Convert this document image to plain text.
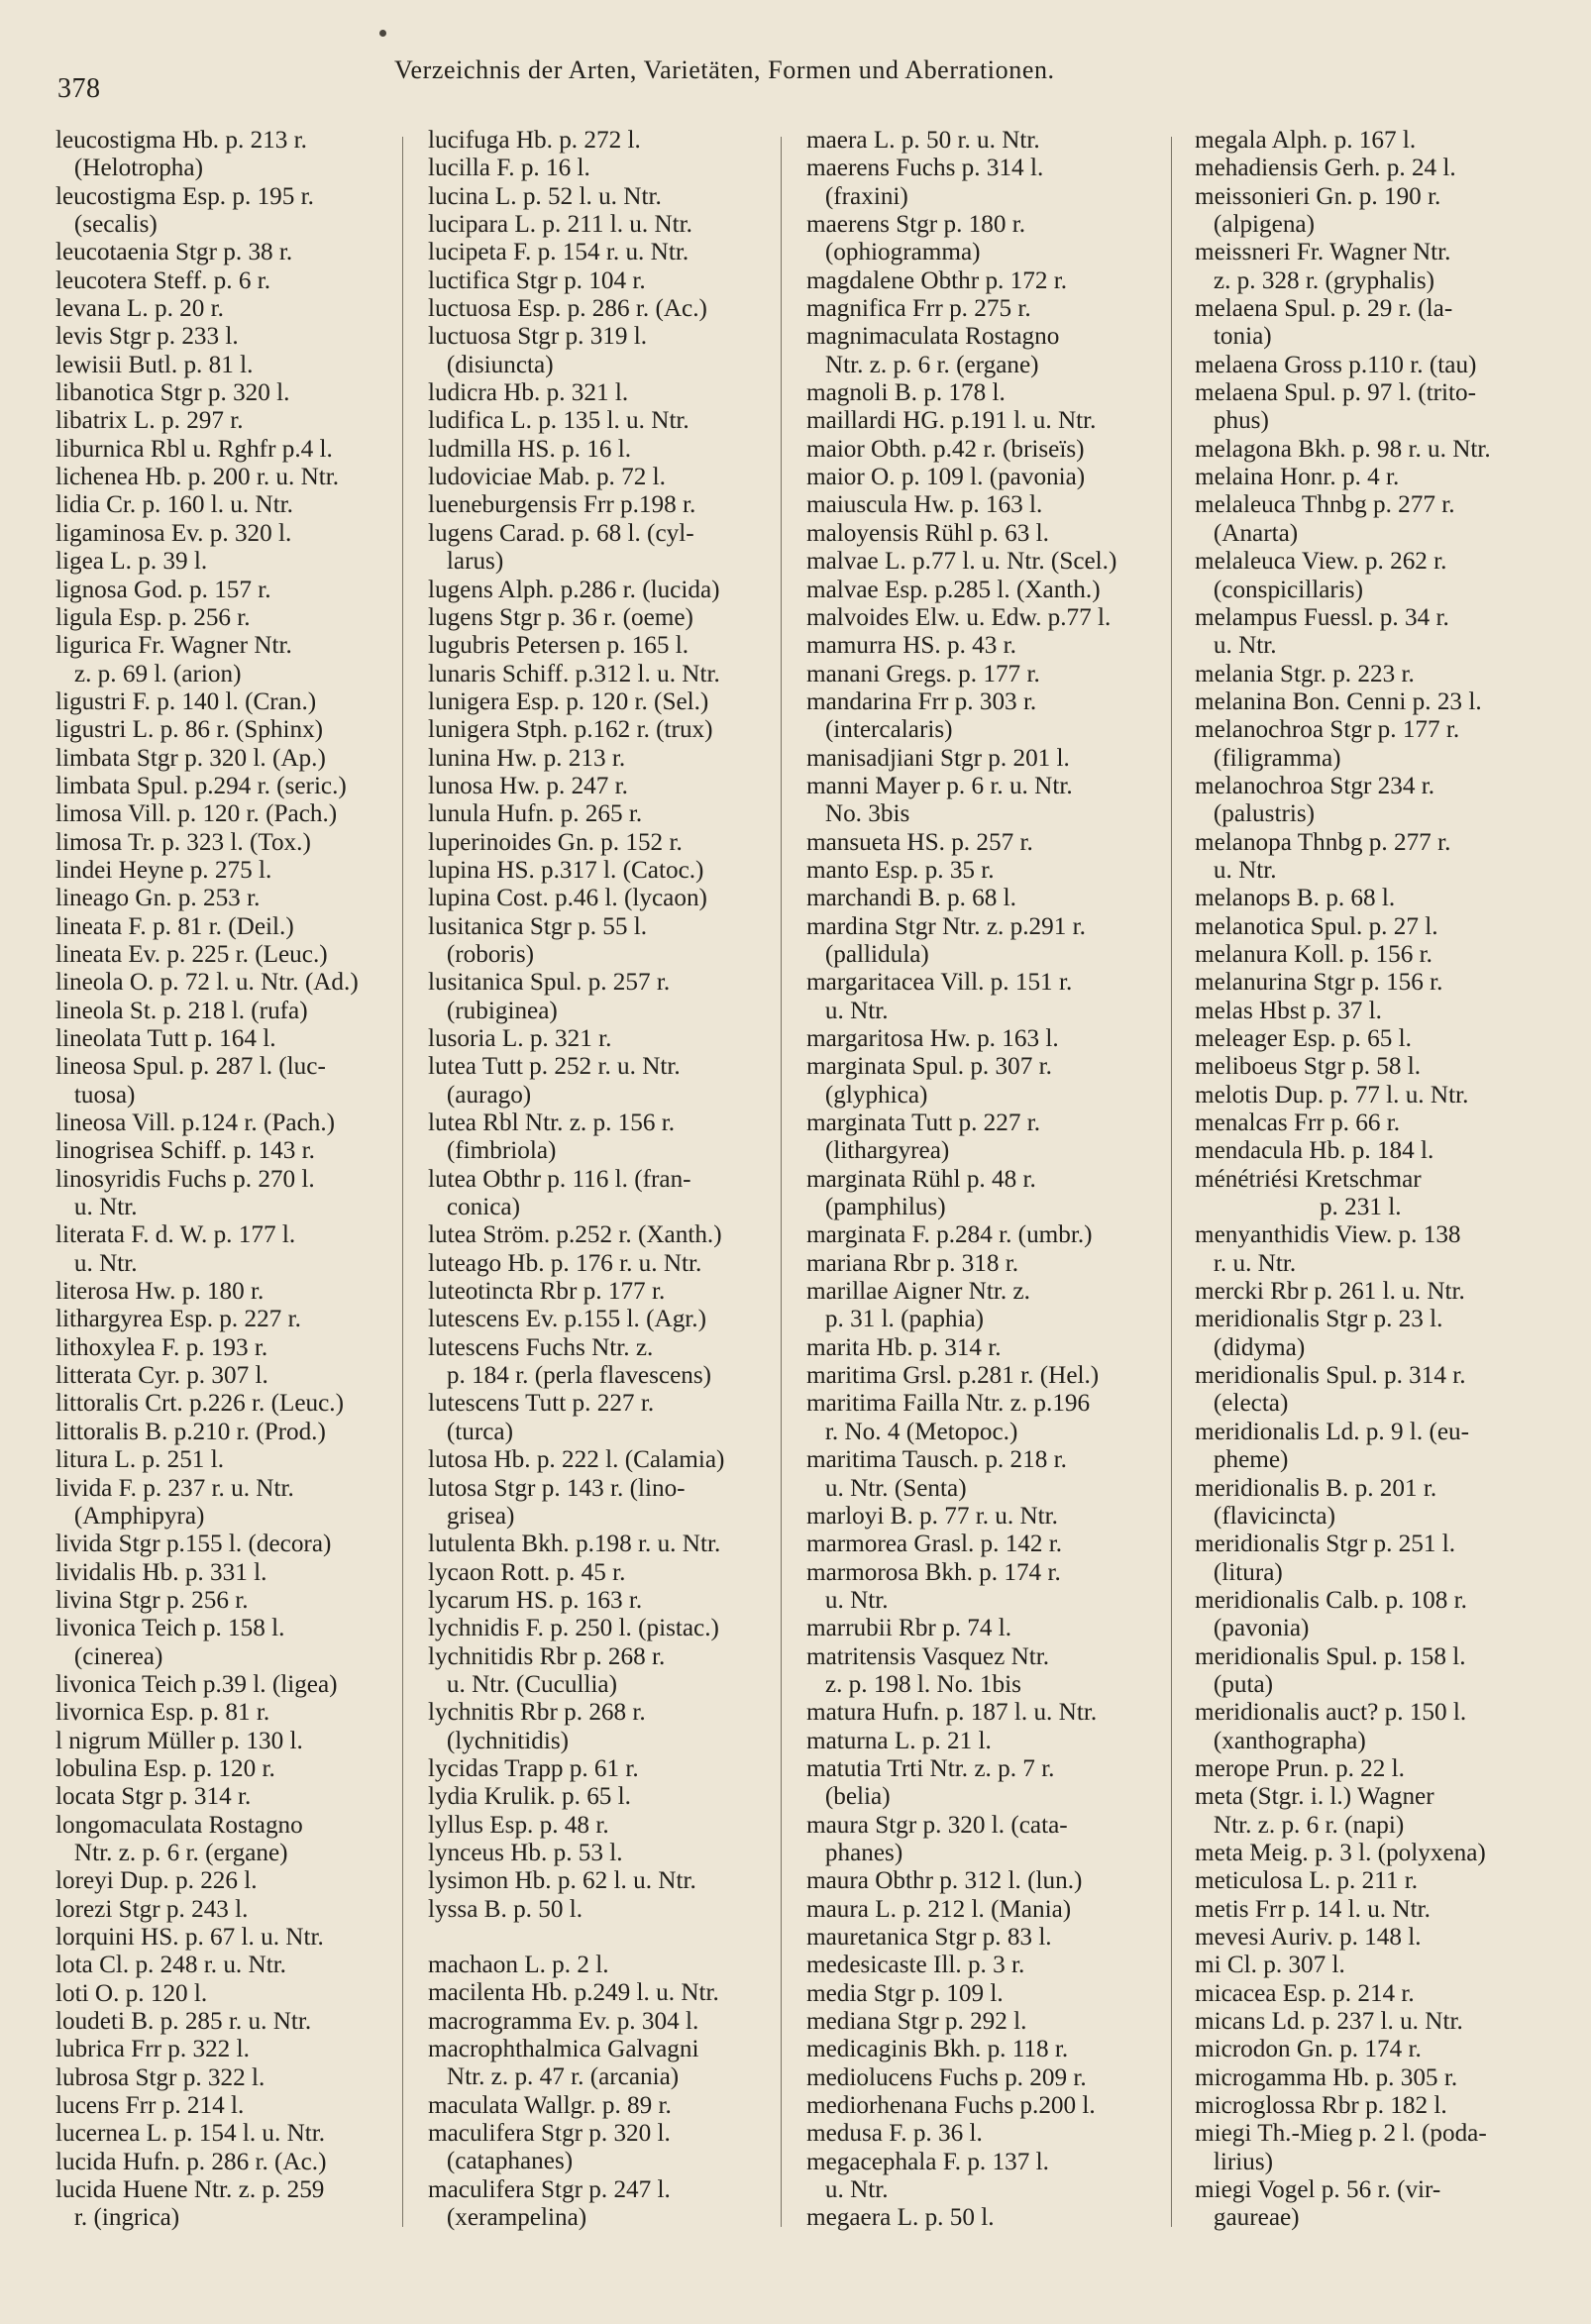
378
Verzeichnis der Arten, Varietäten, Formen und Aberrationen.
leucostigma Hb. p. 213 r.
(Helotropha)
leucostigma Esp. p. 195 r.
(secalis)
leucotaenia Stgr p. 38 r.
leucotera Steff. p. 6 r.
levana L. p. 20 r.
levis Stgr p. 233 l.
lewisii Butl. p. 81 l.
libanotica Stgr p. 320 l.
libatrix L. p. 297 r.
liburnica Rbl u. Rghfr p.4 l.
lichenea Hb. p. 200 r. u. Ntr.
lidia Cr. p. 160 l. u. Ntr.
ligaminosa Ev. p. 320 l.
ligea L. p. 39 l.
lignosa God. p. 157 r.
ligula Esp. p. 256 r.
ligurica Fr. Wagner Ntr.
z. p. 69 l. (arion)
ligustri F. p. 140 l. (Cran.)
ligustri L. p. 86 r. (Sphinx)
limbata Stgr p. 320 l. (Ap.)
limbata Spul. p.294 r. (seric.)
limosa Vill. p. 120 r. (Pach.)
limosa Tr. p. 323 l. (Tox.)
lindei Heyne p. 275 l.
lineago Gn. p. 253 r.
lineata F. p. 81 r. (Deil.)
lineata Ev. p. 225 r. (Leuc.)
lineola O. p. 72 l. u. Ntr. (Ad.)
lineola St. p. 218 l. (rufa)
lineolata Tutt p. 164 l.
lineosa Spul. p. 287 l. (luc-
tuosa)
lineosa Vill. p.124 r. (Pach.)
linogrisea Schiff. p. 143 r.
linosyridis Fuchs p. 270 l.
u. Ntr.
literata F. d. W. p. 177 l.
u. Ntr.
literosa Hw. p. 180 r.
lithargyrea Esp. p. 227 r.
lithoxylea F. p. 193 r.
litterata Cyr. p. 307 l.
littoralis Crt. p.226 r. (Leuc.)
littoralis B. p.210 r. (Prod.)
litura L. p. 251 l.
livida F. p. 237 r. u. Ntr.
(Amphipyra)
livida Stgr p.155 l. (decora)
lividalis Hb. p. 331 l.
livina Stgr p. 256 r.
livonica Teich p. 158 l.
(cinerea)
livonica Teich p.39 l. (ligea)
livornica Esp. p. 81 r.
l nigrum Müller p. 130 l.
lobulina Esp. p. 120 r.
locata Stgr p. 314 r.
longomaculata Rostagno
Ntr. z. p. 6 r. (ergane)
loreyi Dup. p. 226 l.
lorezi Stgr p. 243 l.
lorquini HS. p. 67 l. u. Ntr.
lota Cl. p. 248 r. u. Ntr.
loti O. p. 120 l.
loudeti B. p. 285 r. u. Ntr.
lubrica Frr p. 322 l.
lubrosa Stgr p. 322 l.
lucens Frr p. 214 l.
lucernea L. p. 154 l. u. Ntr.
lucida Hufn. p. 286 r. (Ac.)
lucida Huene Ntr. z. p. 259
r. (ingrica)
lucifuga Hb. p. 272 l.
lucilla F. p. 16 l.
lucina L. p. 52 l. u. Ntr.
lucipara L. p. 211 l. u. Ntr.
lucipeta F. p. 154 r. u. Ntr.
luctifica Stgr p. 104 r.
luctuosa Esp. p. 286 r. (Ac.)
luctuosa Stgr p. 319 l.
(disiuncta)
ludicra Hb. p. 321 l.
ludifica L. p. 135 l. u. Ntr.
ludmilla HS. p. 16 l.
ludoviciae Mab. p. 72 l.
lueneburgensis Frr p.198 r.
lugens Carad. p. 68 l. (cyl-
larus)
lugens Alph. p.286 r. (lucida)
lugens Stgr p. 36 r. (oeme)
lugubris Petersen p. 165 l.
lunaris Schiff. p.312 l. u. Ntr.
lunigera Esp. p. 120 r. (Sel.)
lunigera Stph. p.162 r. (trux)
lunina Hw. p. 213 r.
lunosa Hw. p. 247 r.
lunula Hufn. p. 265 r.
luperinoides Gn. p. 152 r.
lupina HS. p.317 l. (Catoc.)
lupina Cost. p.46 l. (lycaon)
lusitanica Stgr p. 55 l.
(roboris)
lusitanica Spul. p. 257 r.
(rubiginea)
lusoria L. p. 321 r.
lutea Tutt p. 252 r. u. Ntr.
(aurago)
lutea Rbl Ntr. z. p. 156 r.
(fimbriola)
lutea Obthr p. 116 l. (fran-
conica)
lutea Ström. p.252 r. (Xanth.)
luteago Hb. p. 176 r. u. Ntr.
luteotincta Rbr p. 177 r.
lutescens Ev. p.155 l. (Agr.)
lutescens Fuchs Ntr. z.
p. 184 r. (perla flavescens)
lutescens Tutt p. 227 r.
(turca)
lutosa Hb. p. 222 l. (Calamia)
lutosa Stgr p. 143 r. (lino-
grisea)
lutulenta Bkh. p.198 r. u. Ntr.
lycaon Rott. p. 45 r.
lycarum HS. p. 163 r.
lychnidis F. p. 250 l. (pistac.)
lychnitidis Rbr p. 268 r.
u. Ntr. (Cucullia)
lychnitis Rbr p. 268 r.
(lychnitidis)
lycidas Trapp p. 61 r.
lydia Krulik. p. 65 l.
lyllus Esp. p. 48 r.
lynceus Hb. p. 53 l.
lysimon Hb. p. 62 l. u. Ntr.
lyssa B. p. 50 l.
machaon L. p. 2 l.
macilenta Hb. p.249 l. u. Ntr.
macrogramma Ev. p. 304 l.
macrophthalmica Galvagni
Ntr. z. p. 47 r. (arcania)
maculata Wallgr. p. 89 r.
maculifera Stgr p. 320 l.
(cataphanes)
maculifera Stgr p. 247 l.
(xerampelina)
maera L. p. 50 r. u. Ntr.
maerens Fuchs p. 314 l.
(fraxini)
maerens Stgr p. 180 r.
(ophiogramma)
magdalene Obthr p. 172 r.
magnifica Frr p. 275 r.
magnimaculata Rostagno
Ntr. z. p. 6 r. (ergane)
magnoli B. p. 178 l.
maillardi HG. p.191 l. u. Ntr.
maior Obth. p.42 r. (briseïs)
maior O. p. 109 l. (pavonia)
maiuscula Hw. p. 163 l.
maloyensis Rühl p. 63 l.
malvae L. p.77 l. u. Ntr. (Scel.)
malvae Esp. p.285 l. (Xanth.)
malvoides Elw. u. Edw. p.77 l.
mamurra HS. p. 43 r.
manani Gregs. p. 177 r.
mandarina Frr p. 303 r.
(intercalaris)
manisadjiani Stgr p. 201 l.
manni Mayer p. 6 r. u. Ntr.
No. 3bis
mansueta HS. p. 257 r.
manto Esp. p. 35 r.
marchandi B. p. 68 l.
mardina Stgr Ntr. z. p.291 r.
(pallidula)
margaritacea Vill. p. 151 r.
u. Ntr.
margaritosa Hw. p. 163 l.
marginata Spul. p. 307 r.
(glyphica)
marginata Tutt p. 227 r.
(lithargyrea)
marginata Rühl p. 48 r.
(pamphilus)
marginata F. p.284 r. (umbr.)
mariana Rbr p. 318 r.
marillae Aigner Ntr. z.
p. 31 l. (paphia)
marita Hb. p. 314 r.
maritima Grsl. p.281 r. (Hel.)
maritima Failla Ntr. z. p.196
r. No. 4 (Metopoc.)
maritima Tausch. p. 218 r.
u. Ntr. (Senta)
marloyi B. p. 77 r. u. Ntr.
marmorea Grasl. p. 142 r.
marmorosa Bkh. p. 174 r.
u. Ntr.
marrubii Rbr p. 74 l.
matritensis Vasquez Ntr.
z. p. 198 l. No. 1bis
matura Hufn. p. 187 l. u. Ntr.
maturna L. p. 21 l.
matutia Trti Ntr. z. p. 7 r.
(belia)
maura Stgr p. 320 l. (cata-
phanes)
maura Obthr p. 312 l. (lun.)
maura L. p. 212 l. (Mania)
mauretanica Stgr p. 83 l.
medesicaste Ill. p. 3 r.
media Stgr p. 109 l.
mediana Stgr p. 292 l.
medicaginis Bkh. p. 118 r.
mediolucens Fuchs p. 209 r.
mediorhenana Fuchs p.200 l.
medusa F. p. 36 l.
megacephala F. p. 137 l.
u. Ntr.
megaera L. p. 50 l.
megala Alph. p. 167 l.
mehadiensis Gerh. p. 24 l.
meissonieri Gn. p. 190 r.
(alpigena)
meissneri Fr. Wagner Ntr.
z. p. 328 r. (gryphalis)
melaena Spul. p. 29 r. (la-
tonia)
melaena Gross p.110 r. (tau)
melaena Spul. p. 97 l. (trito-
phus)
melagona Bkh. p. 98 r. u. Ntr.
melaina Honr. p. 4 r.
melaleuca Thnbg p. 277 r.
(Anarta)
melaleuca View. p. 262 r.
(conspicillaris)
melampus Fuessl. p. 34 r.
u. Ntr.
melania Stgr. p. 223 r.
melanina Bon. Cenni p. 23 l.
melanochroa Stgr p. 177 r.
(filigramma)
melanochroa Stgr 234 r.
(palustris)
melanopa Thnbg p. 277 r.
u. Ntr.
melanops B. p. 68 l.
melanotica Spul. p. 27 l.
melanura Koll. p. 156 r.
melanurina Stgr p. 156 r.
melas Hbst p. 37 l.
meleager Esp. p. 65 l.
meliboeus Stgr p. 58 l.
melotis Dup. p. 77 l. u. Ntr.
menalcas Frr p. 66 r.
mendacula Hb. p. 184 l.
ménétriési Kretschmar
p. 231 l.
menyanthidis View. p. 138
r. u. Ntr.
mercki Rbr p. 261 l. u. Ntr.
meridionalis Stgr p. 23 l.
(didyma)
meridionalis Spul. p. 314 r.
(electa)
meridionalis Ld. p. 9 l. (eu-
pheme)
meridionalis B. p. 201 r.
(flavicincta)
meridionalis Stgr p. 251 l.
(litura)
meridionalis Calb. p. 108 r.
(pavonia)
meridionalis Spul. p. 158 l.
(puta)
meridionalis auct? p. 150 l.
(xanthographa)
merope Prun. p. 22 l.
meta (Stgr. i. l.) Wagner
Ntr. z. p. 6 r. (napi)
meta Meig. p. 3 l. (polyxena)
meticulosa L. p. 211 r.
metis Frr p. 14 l. u. Ntr.
mevesi Auriv. p. 148 l.
mi Cl. p. 307 l.
micacea Esp. p. 214 r.
micans Ld. p. 237 l. u. Ntr.
microdon Gn. p. 174 r.
microgamma Hb. p. 305 r.
microglossa Rbr p. 182 l.
miegi Th.-Mieg p. 2 l. (poda-
lirius)
miegi Vogel p. 56 r. (vir-
gaureae)
